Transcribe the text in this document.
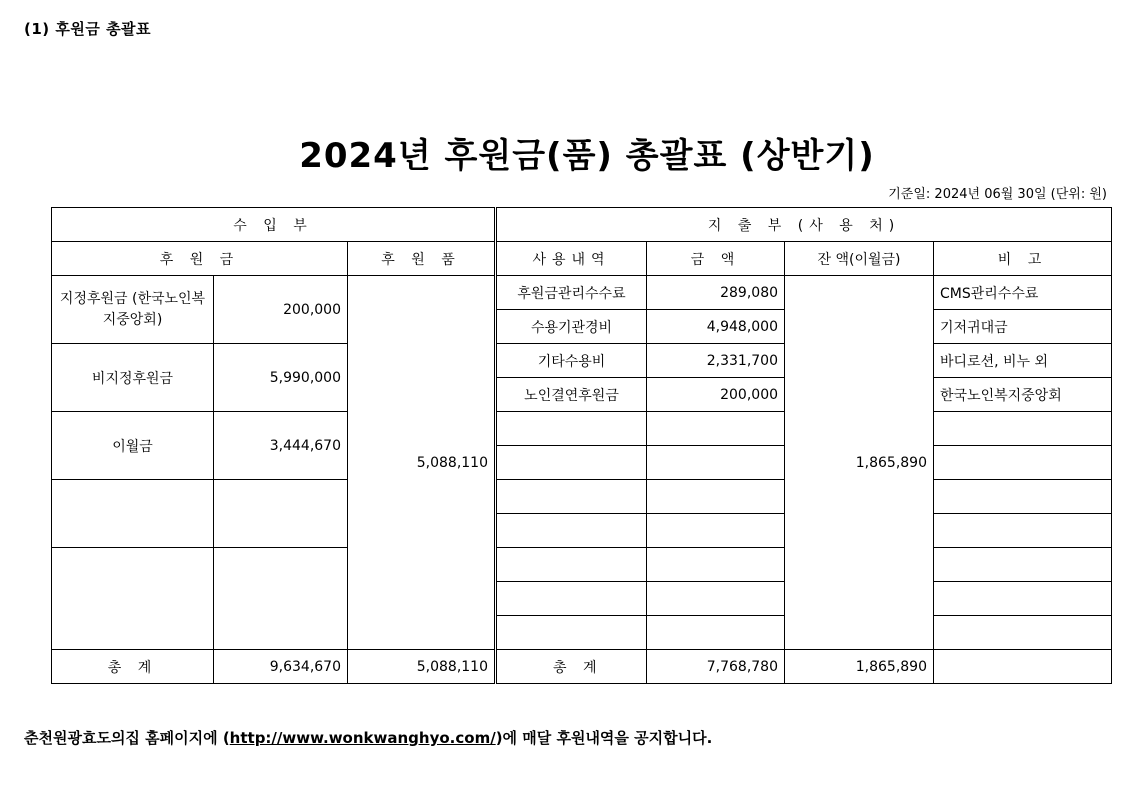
(1) 후원금 총괄표
2024년 후원금(품) 총괄표 (상반기)
기준일: 2024년 06월 30일 (단위: 원)
수 입 부			지 출 부 (사 용 처)			
후 원 금		후 원 품	사용내역	금 액	잔 액(이월금)	비 고
지정후원금 (한국노인복지중앙회)	200,000	5,088,110	후원금관리수수료	289,080	1,865,890	CMS관리수수료
			수용기관경비	4,948,000		기저귀대금
비지정후원금	5,990,000		기타수용비	2,331,700		바디로션, 비누 외
			노인결연후원금	200,000		한국노인복지중앙회
이월금	3,444,670					

총 계	9,634,670	5,088,110	총 계	7,768,780	1,865,890	
춘천원광효도의집 홈페이지에 (http://www.wonkwanghyo.com/)에 매달 후원내역을 공지합니다.
